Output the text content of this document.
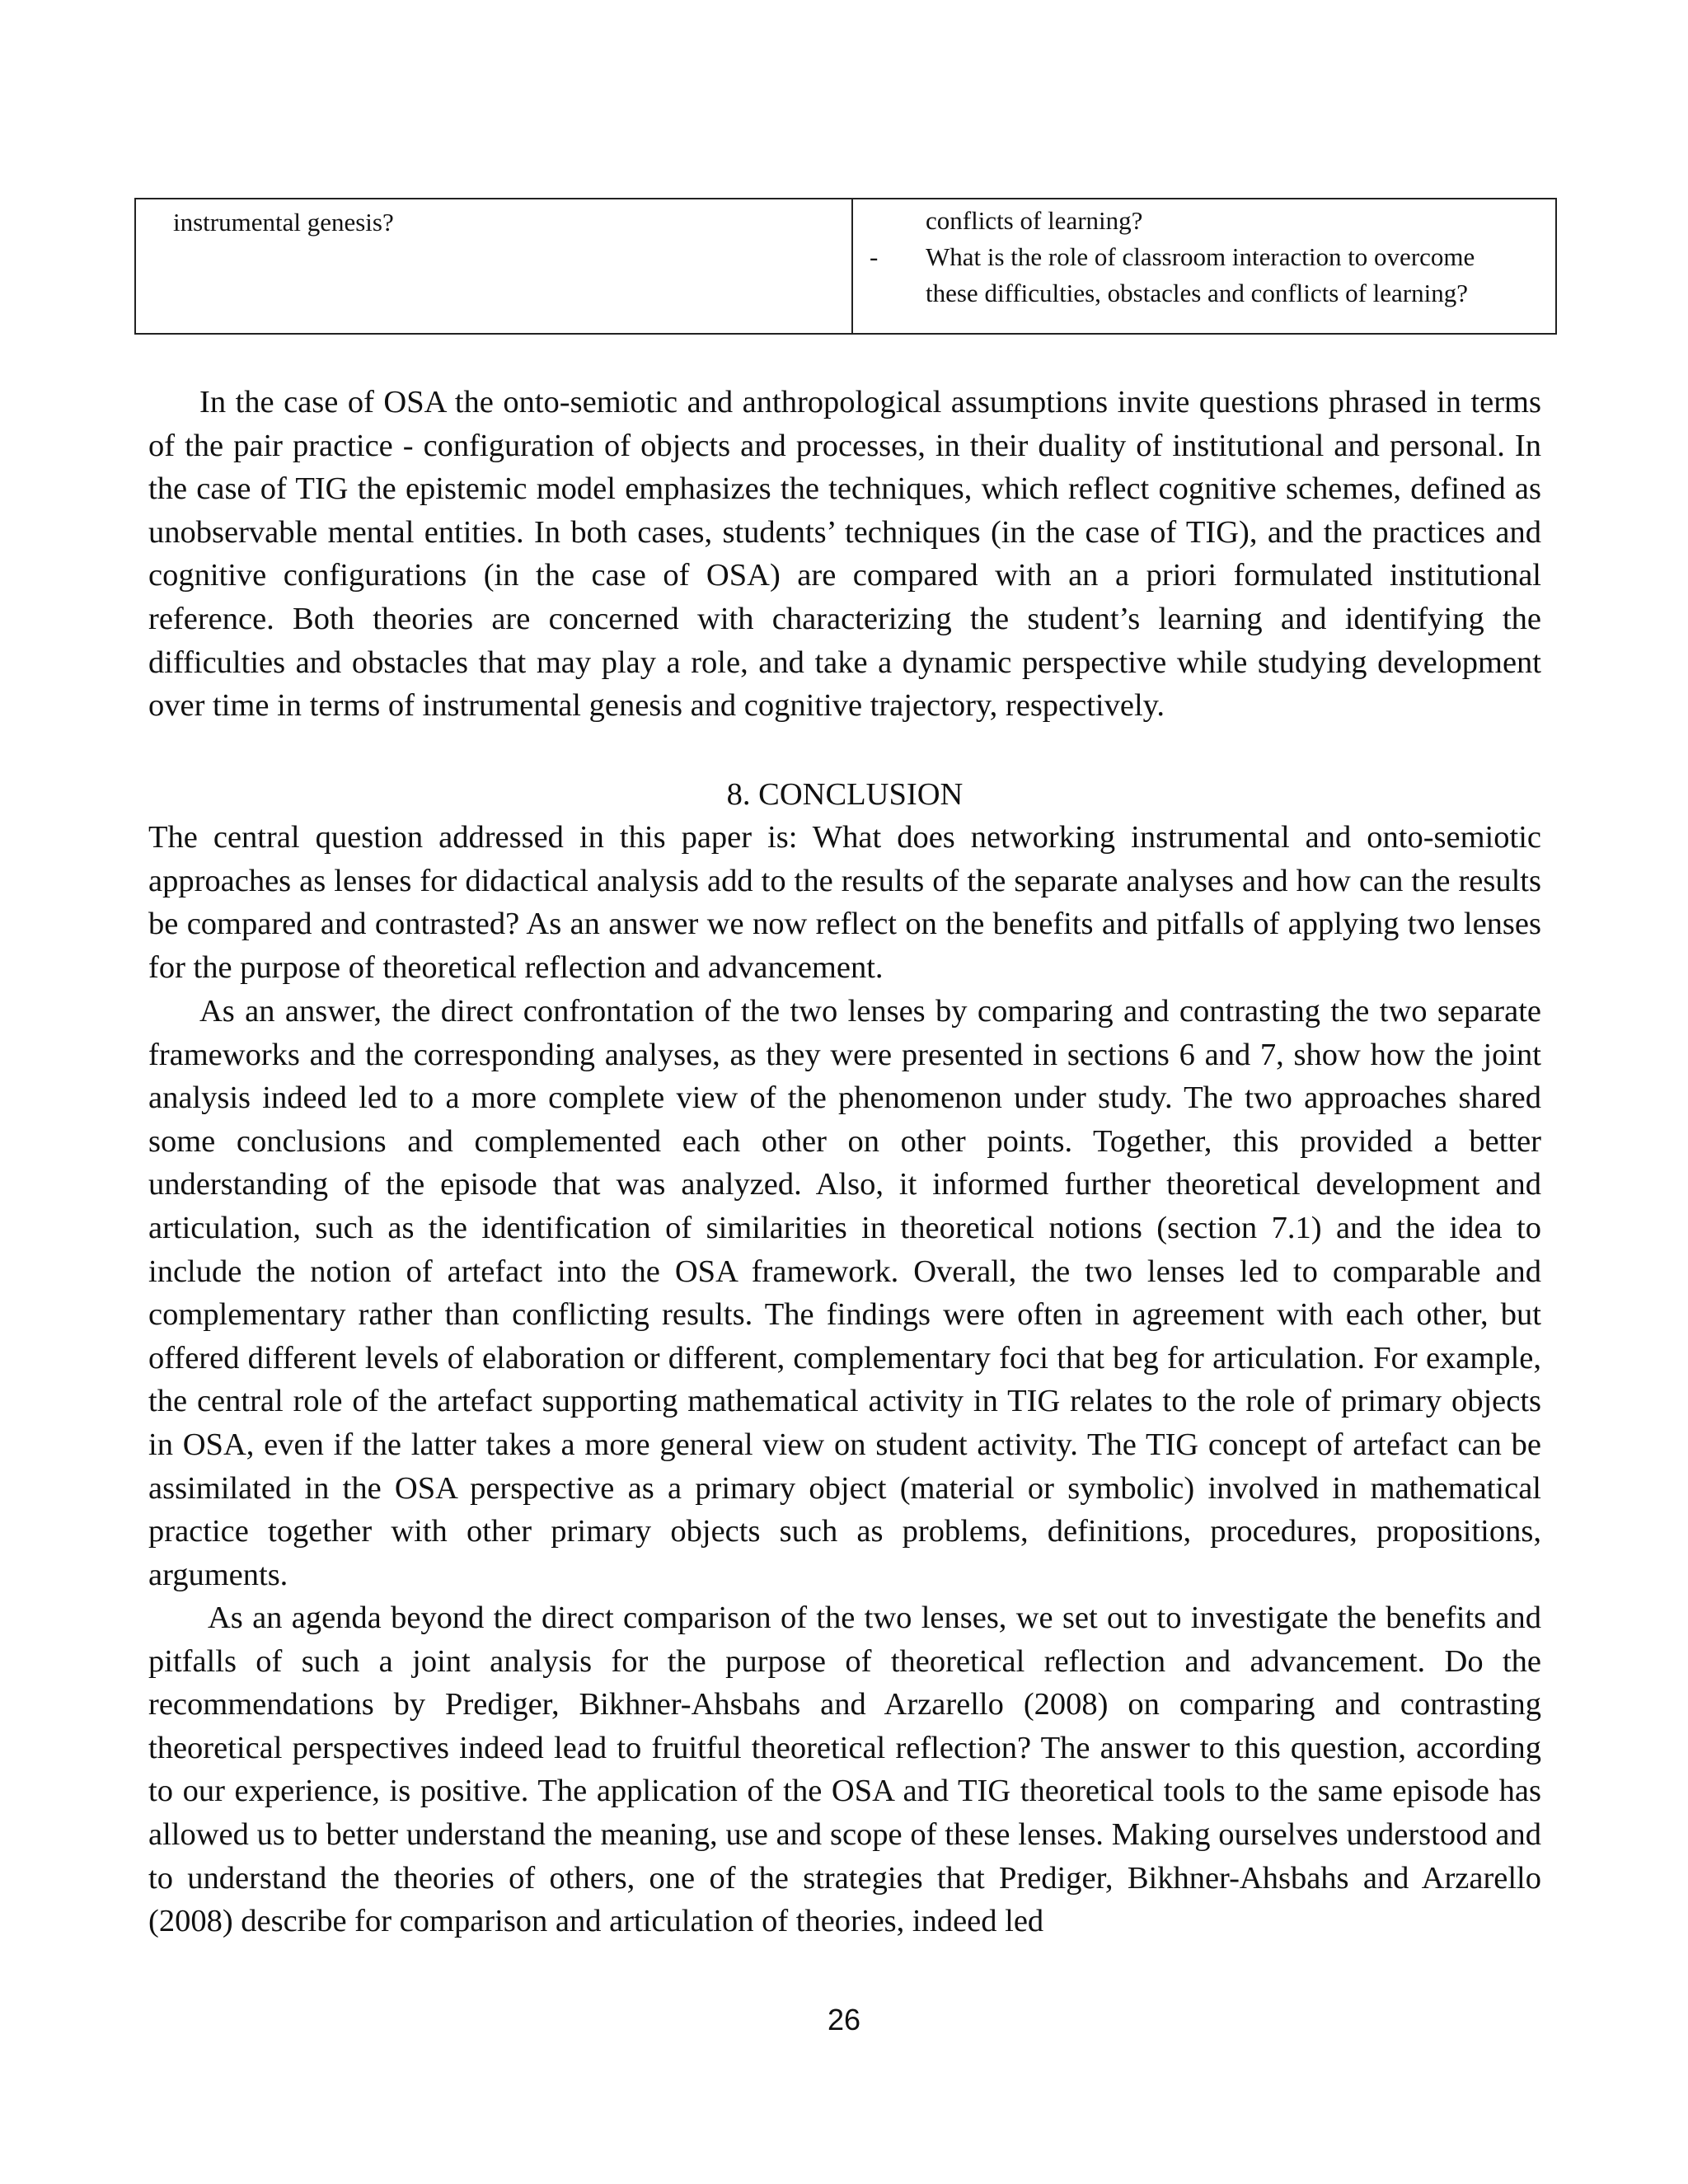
instrumental genesis?	conflicts of learning?
- What is the role of classroom interaction to overcome
these difficulties, obstacles and conflicts of learning?

In the case of OSA the onto-semiotic and anthropological assumptions invite questions phrased in terms of the pair practice - configuration of objects and processes, in their duality of institutional and personal. In the case of TIG the epistemic model emphasizes the techniques, which reflect cognitive schemes, defined as unobservable mental entities. In both cases, students’ techniques (in the case of TIG), and the practices and cognitive configurations (in the case of OSA) are compared with an a priori formulated institutional reference. Both theories are concerned with characterizing the student’s learning and identifying the difficulties and obstacles that may play a role, and take a dynamic perspective while studying development over time in terms of instrumental genesis and cognitive trajectory, respectively.

8. CONCLUSION

The central question addressed in this paper is: What does networking instrumental and onto-semiotic approaches as lenses for didactical analysis add to the results of the separate analyses and how can the results be compared and contrasted? As an answer we now reflect on the benefits and pitfalls of applying two lenses for the purpose of theoretical reflection and advancement.

As an answer, the direct confrontation of the two lenses by comparing and contrasting the two separate frameworks and the corresponding analyses, as they were presented in sections 6 and 7, show how the joint analysis indeed led to a more complete view of the phenomenon under study. The two approaches shared some conclusions and complemented each other on other points. Together, this provided a better understanding of the episode that was analyzed. Also, it informed further theoretical development and articulation, such as the identification of similarities in theoretical notions (section 7.1) and the idea to include the notion of artefact into the OSA framework. Overall, the two lenses led to comparable and complementary rather than conflicting results. The findings were often in agreement with each other, but offered different levels of elaboration or different, complementary foci that beg for articulation. For example, the central role of the artefact supporting mathematical activity in TIG relates to the role of primary objects in OSA, even if the latter takes a more general view on student activity. The TIG concept of artefact can be assimilated in the OSA perspective as a primary object (material or symbolic) involved in mathematical practice together with other primary objects such as problems, definitions, procedures, propositions, arguments.

As an agenda beyond the direct comparison of the two lenses, we set out to investigate the benefits and pitfalls of such a joint analysis for the purpose of theoretical reflection and advancement. Do the recommendations by Prediger, Bikhner-Ahsbahs and Arzarello (2008) on comparing and contrasting theoretical perspectives indeed lead to fruitful theoretical reflection? The answer to this question, according to our experience, is positive. The application of the OSA and TIG theoretical tools to the same episode has allowed us to better understand the meaning, use and scope of these lenses. Making ourselves understood and to understand the theories of others, one of the strategies that Prediger, Bikhner-Ahsbahs and Arzarello (2008) describe for comparison and articulation of theories, indeed led

26
